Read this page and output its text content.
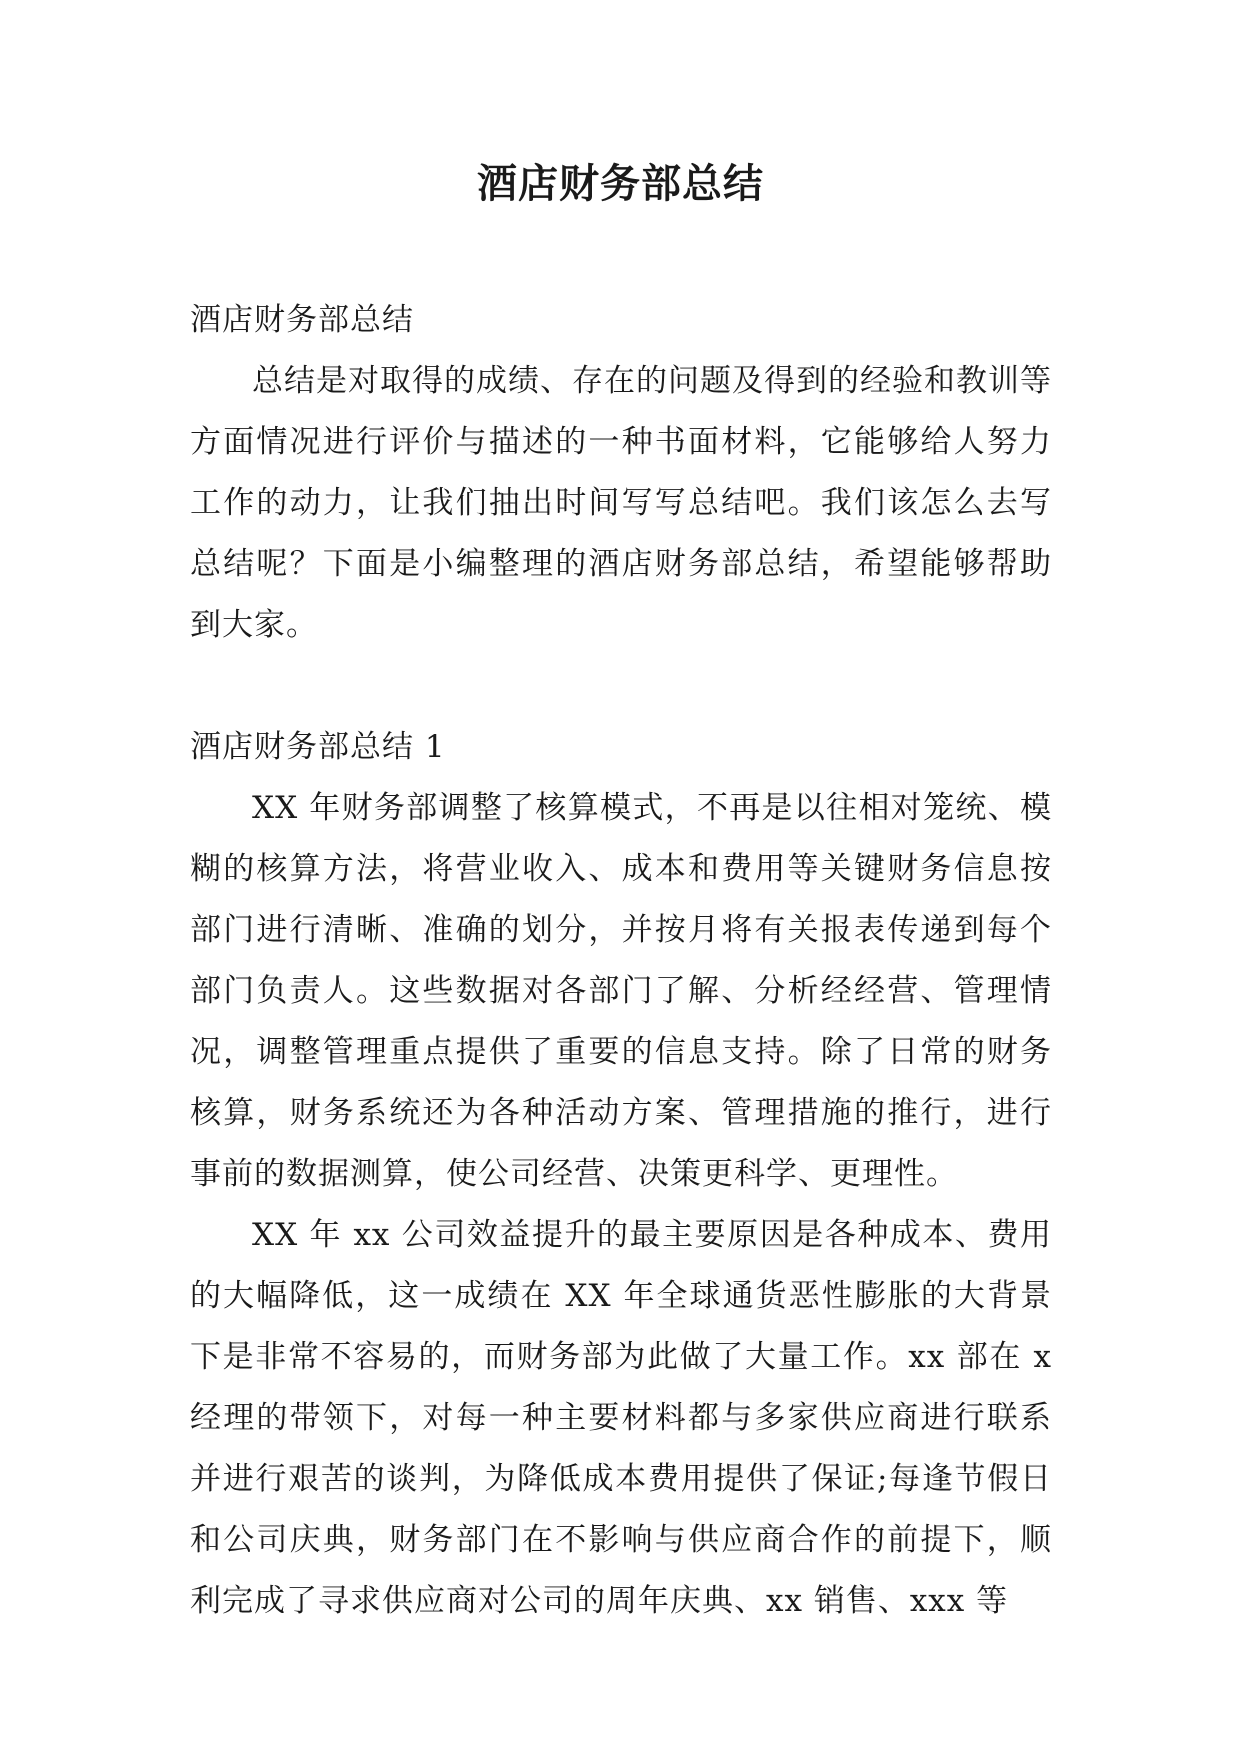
酒店财务部总结

酒店财务部总结

总结是对取得的成绩、存在的问题及得到的经验和教训等方面情况进行评价与描述的一种书面材料，它能够给人努力工作的动力，让我们抽出时间写写总结吧。我们该怎么去写总结呢？下面是小编整理的酒店财务部总结，希望能够帮助到大家。

酒店财务部总结 1

XX 年财务部调整了核算模式，不再是以往相对笼统、模糊的核算方法，将营业收入、成本和费用等关键财务信息按部门进行清晰、准确的划分，并按月将有关报表传递到每个部门负责人。这些数据对各部门了解、分析经经营、管理情况，调整管理重点提供了重要的信息支持。除了日常的财务核算，财务系统还为各种活动方案、管理措施的推行，进行事前的数据测算，使公司经营、决策更科学、更理性。

XX 年 xx 公司效益提升的最主要原因是各种成本、费用的大幅降低，这一成绩在 XX 年全球通货恶性膨胀的大背景下是非常不容易的，而财务部为此做了大量工作。xx 部在 x 经理的带领下，对每一种主要材料都与多家供应商进行联系并进行艰苦的谈判，为降低成本费用提供了保证;每逢节假日和公司庆典，财务部门在不影响与供应商合作的前提下，顺利完成了寻求供应商对公司的周年庆典、xx 销售、xxx 等
